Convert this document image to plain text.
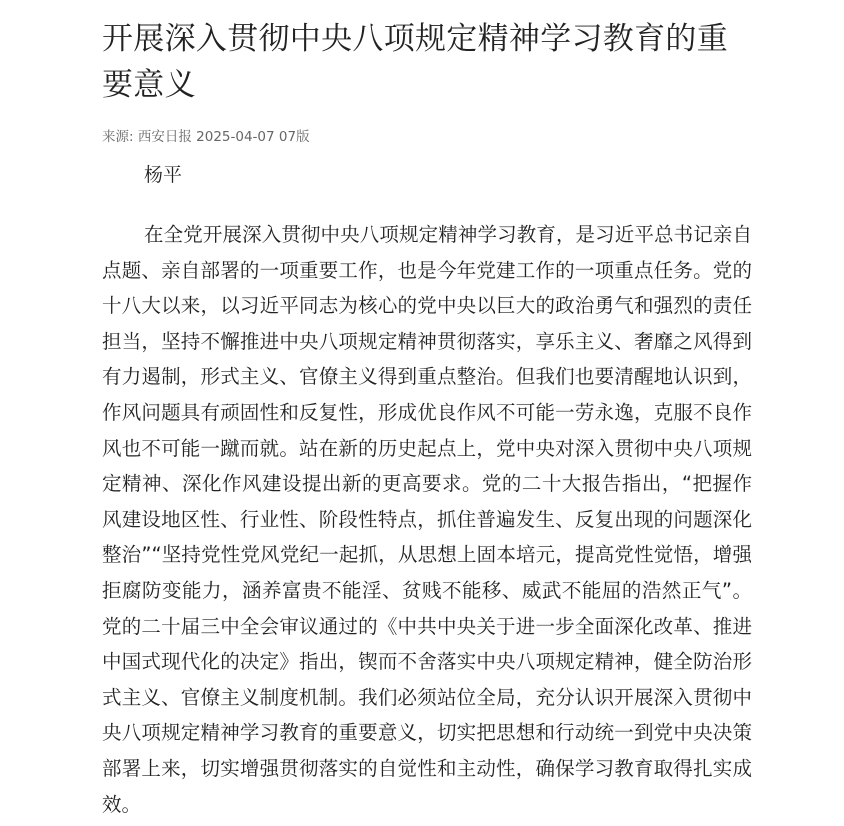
开展深入贯彻中央八项规定精神学习教育的重要意义
来源: 西安日报 2025-04-07 07版
杨平

在全党开展深入贯彻中央八项规定精神学习教育，是习近平总书记亲自点题、亲自部署的一项重要工作，也是今年党建工作的一项重点任务。党的十八大以来，以习近平同志为核心的党中央以巨大的政治勇气和强烈的责任担当，坚持不懈推进中央八项规定精神贯彻落实，享乐主义、奢靡之风得到有力遏制，形式主义、官僚主义得到重点整治。但我们也要清醒地认识到，作风问题具有顽固性和反复性，形成优良作风不可能一劳永逸，克服不良作风也不可能一蹴而就。站在新的历史起点上，党中央对深入贯彻中央八项规定精神、深化作风建设提出新的更高要求。党的二十大报告指出，“把握作风建设地区性、行业性、阶段性特点，抓住普遍发生、反复出现的问题深化整治”“坚持党性党风党纪一起抓，从思想上固本培元，提高党性觉悟，增强拒腐防变能力，涵养富贵不能淫、贫贱不能移、威武不能屈的浩然正气”。党的二十届三中全会审议通过的《中共中央关于进一步全面深化改革、推进中国式现代化的决定》指出，锲而不舍落实中央八项规定精神，健全防治形式主义、官僚主义制度机制。我们必须站位全局，充分认识开展深入贯彻中央八项规定精神学习教育的重要意义，切实把思想和行动统一到党中央决策部署上来，切实增强贯彻落实的自觉性和主动性，确保学习教育取得扎实成效。
